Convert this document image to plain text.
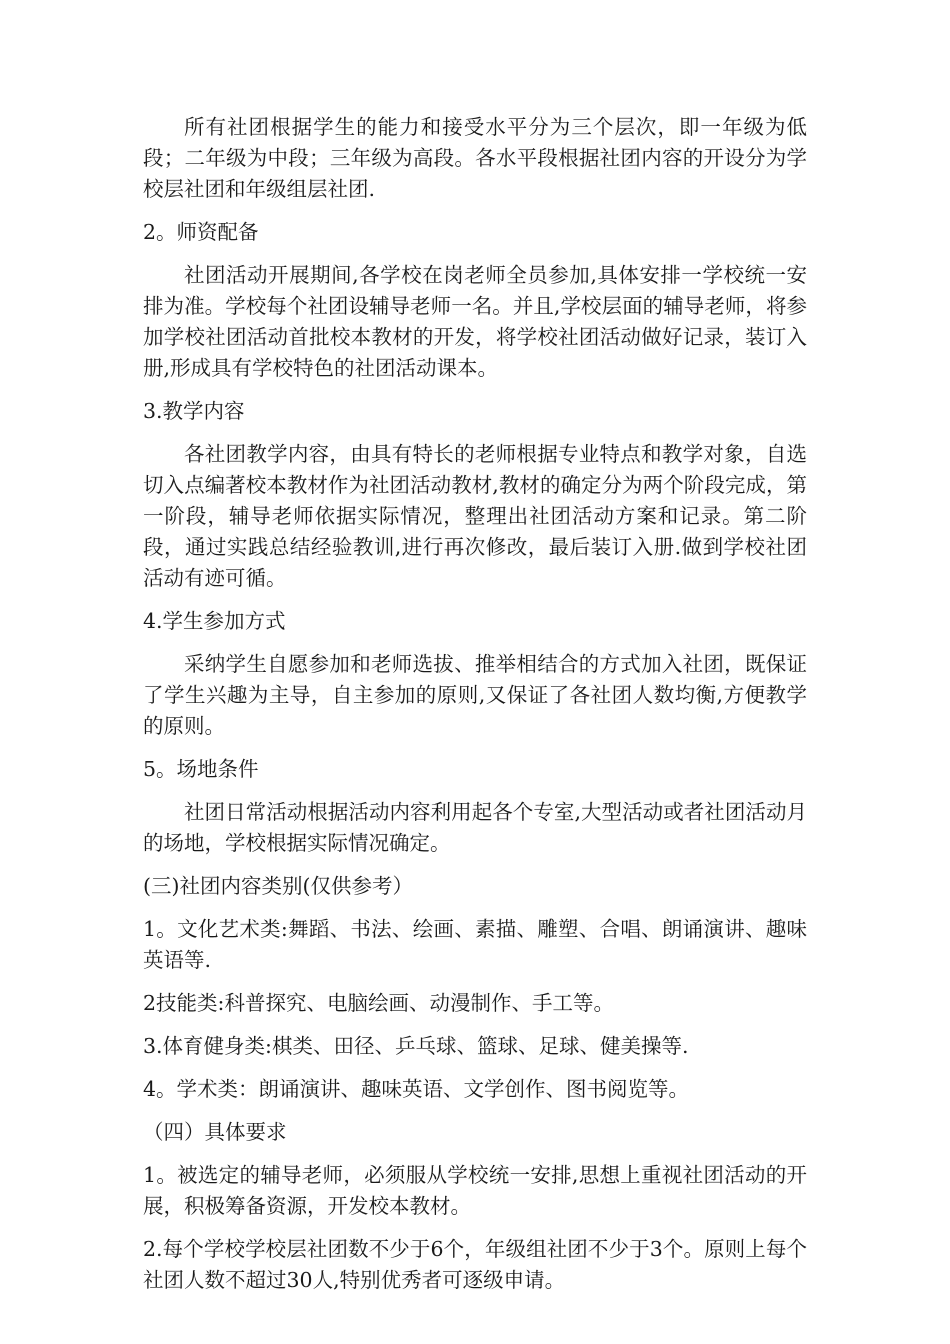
所有社团根据学生的能力和接受水平分为三个层次，即一年级为低段；二年级为中段；三年级为高段。各水平段根据社团内容的开设分为学校层社团和年级组层社团.

2。师资配备

社团活动开展期间,各学校在岗老师全员参加,具体安排一学校统一安排为准。学校每个社团设辅导老师一名。并且,学校层面的辅导老师，将参加学校社团活动首批校本教材的开发，将学校社团活动做好记录，装订入册,形成具有学校特色的社团活动课本。

3.教学内容

各社团教学内容，由具有特长的老师根据专业特点和教学对象，自选切入点编著校本教材作为社团活动教材,教材的确定分为两个阶段完成，第一阶段，辅导老师依据实际情况，整理出社团活动方案和记录。第二阶段，通过实践总结经验教训,进行再次修改，最后装订入册.做到学校社团活动有迹可循。

4.学生参加方式

采纳学生自愿参加和老师选拔、推举相结合的方式加入社团，既保证了学生兴趣为主导，自主参加的原则,又保证了各社团人数均衡,方便教学的原则。

5。场地条件

社团日常活动根据活动内容利用起各个专室,大型活动或者社团活动月的场地，学校根据实际情况确定。

(三)社团内容类别(仅供参考）

1。文化艺术类:舞蹈、书法、绘画、素描、雕塑、合唱、朗诵演讲、趣味英语等.

2技能类:科普探究、电脑绘画、动漫制作、手工等。

3.体育健身类:棋类、田径、乒乓球、篮球、足球、健美操等.

4。学术类：朗诵演讲、趣味英语、文学创作、图书阅览等。

（四）具体要求

1。被选定的辅导老师，必须服从学校统一安排,思想上重视社团活动的开展，积极筹备资源，开发校本教材。

2.每个学校学校层社团数不少于6个，年级组社团不少于3个。原则上每个社团人数不超过30人,特别优秀者可逐级申请。
